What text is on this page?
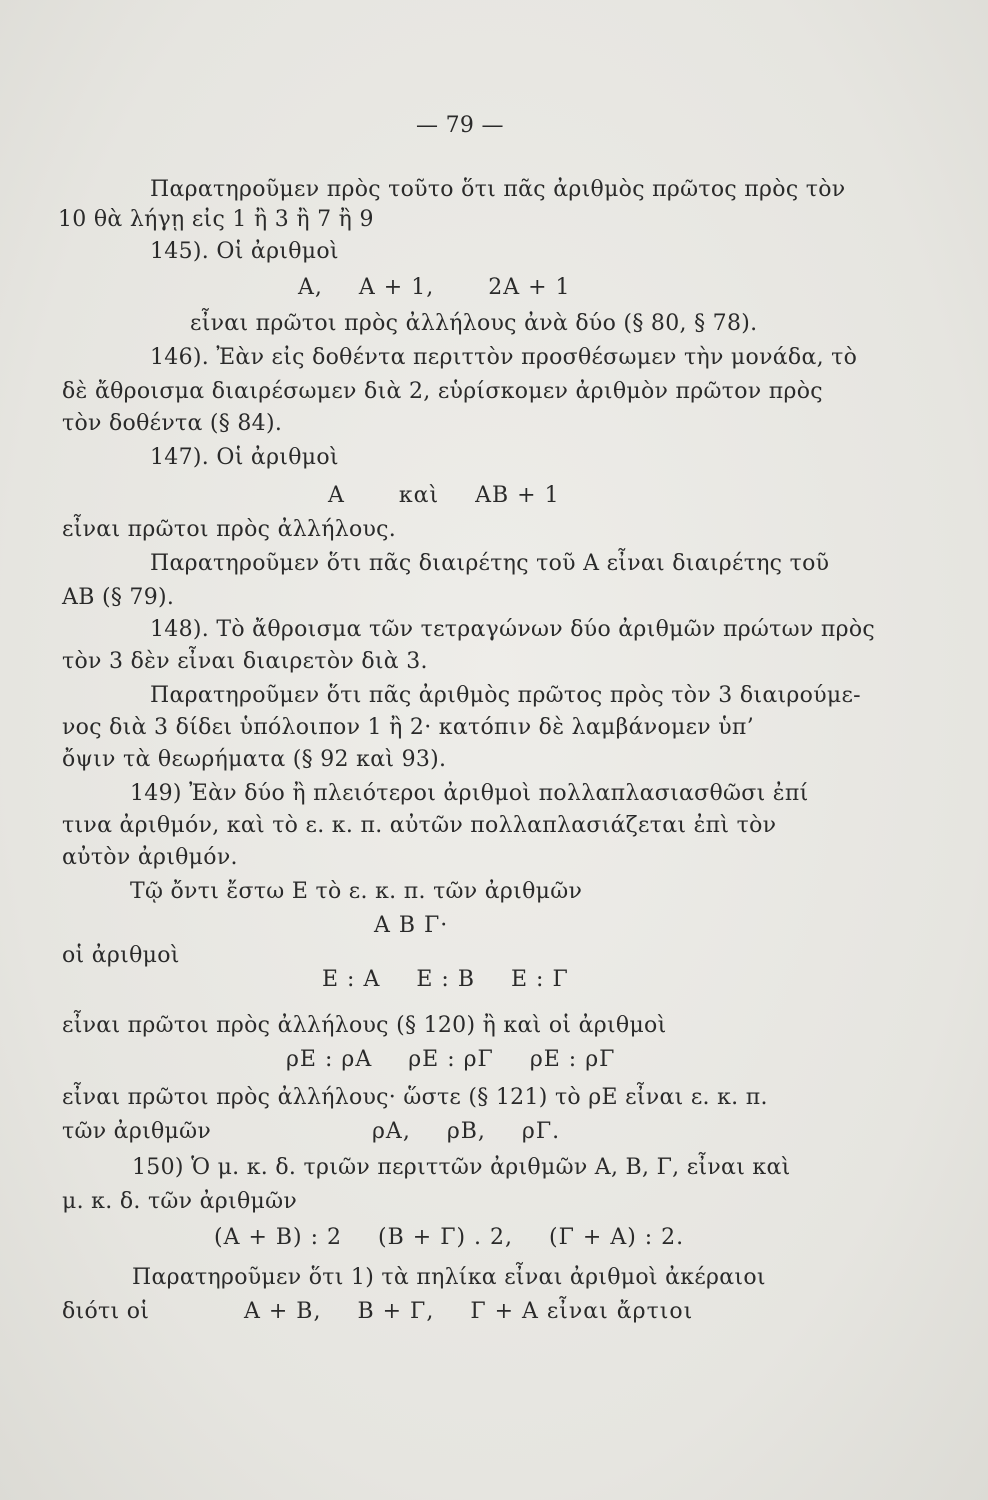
— 79 —
Παρατηροῦμεν πρὸς τοῦτο ὅτι πᾶς ἀριθμὸς πρῶτος πρὸς τὸν
10 θὰ λήγῃ εἰς 1 ἢ 3 ἢ 7 ἢ 9
145). Οἱ ἀριθμοὶ
Α, Α + 1, 2Α + 1
εἶναι πρῶτοι πρὸς ἀλλήλους ἀνὰ δύο (§ 80, § 78).
146). Ἐὰν εἰς δοθέντα περιττὸν προσθέσωμεν τὴν μονάδα, τὸ
δὲ ἄθροισμα διαιρέσωμεν διὰ 2, εὑρίσκομεν ἀριθμὸν πρῶτον πρὸς
τὸν δοθέντα (§ 84).
147). Οἱ ἀριθμοὶ
Α καὶ ΑΒ + 1
εἶναι πρῶτοι πρὸς ἀλλήλους.
Παρατηροῦμεν ὅτι πᾶς διαιρέτης τοῦ Α εἶναι διαιρέτης τοῦ
ΑΒ (§ 79).
148). Τὸ ἄθροισμα τῶν τετραγώνων δύο ἀριθμῶν πρώτων πρὸς
τὸν 3 δὲν εἶναι διαιρετὸν διὰ 3.
Παρατηροῦμεν ὅτι πᾶς ἀριθμὸς πρῶτος πρὸς τὸν 3 διαιρούμε-
νος διὰ 3 δίδει ὑπόλοιπον 1 ἢ 2· κατόπιν δὲ λαμβάνομεν ὑπ’
ὄψιν τὰ θεωρήματα (§ 92 καὶ 93).
149) Ἐὰν δύο ἢ πλειότεροι ἀριθμοὶ πολλαπλασιασθῶσι ἐπί
τινα ἀριθμόν, καὶ τὸ ε. κ. π. αὐτῶν πολλαπλασιάζεται ἐπὶ τὸν
αὐτὸν ἀριθμόν.
Τῷ ὄντι ἔστω Ε τὸ ε. κ. π. τῶν ἀριθμῶν
Α Β Γ·
οἱ ἀριθμοὶ
Ε : Α Ε : Β Ε : Γ
εἶναι πρῶτοι πρὸς ἀλλήλους (§ 120) ἢ καὶ οἱ ἀριθμοὶ
ρΕ : ρΑ ρΕ : ρΓ ρΕ : ρΓ
εἶναι πρῶτοι πρὸς ἀλλήλους· ὥστε (§ 121) τὸ ρΕ εἶναι ε. κ. π.
τῶν ἀριθμῶν	ρΑ, ρΒ, ρΓ.
150) Ὁ μ. κ. δ. τριῶν περιττῶν ἀριθμῶν Α, Β, Γ, εἶναι καὶ
μ. κ. δ. τῶν ἀριθμῶν
(Α + Β) : 2 (Β + Γ) . 2, (Γ + Α) : 2.
Παρατηροῦμεν ὅτι 1) τὰ πηλίκα εἶναι ἀριθμοὶ ἀκέραιοι
διότι οἱ	Α + Β, Β + Γ, Γ + Α εἶναι ἄρτιοι
